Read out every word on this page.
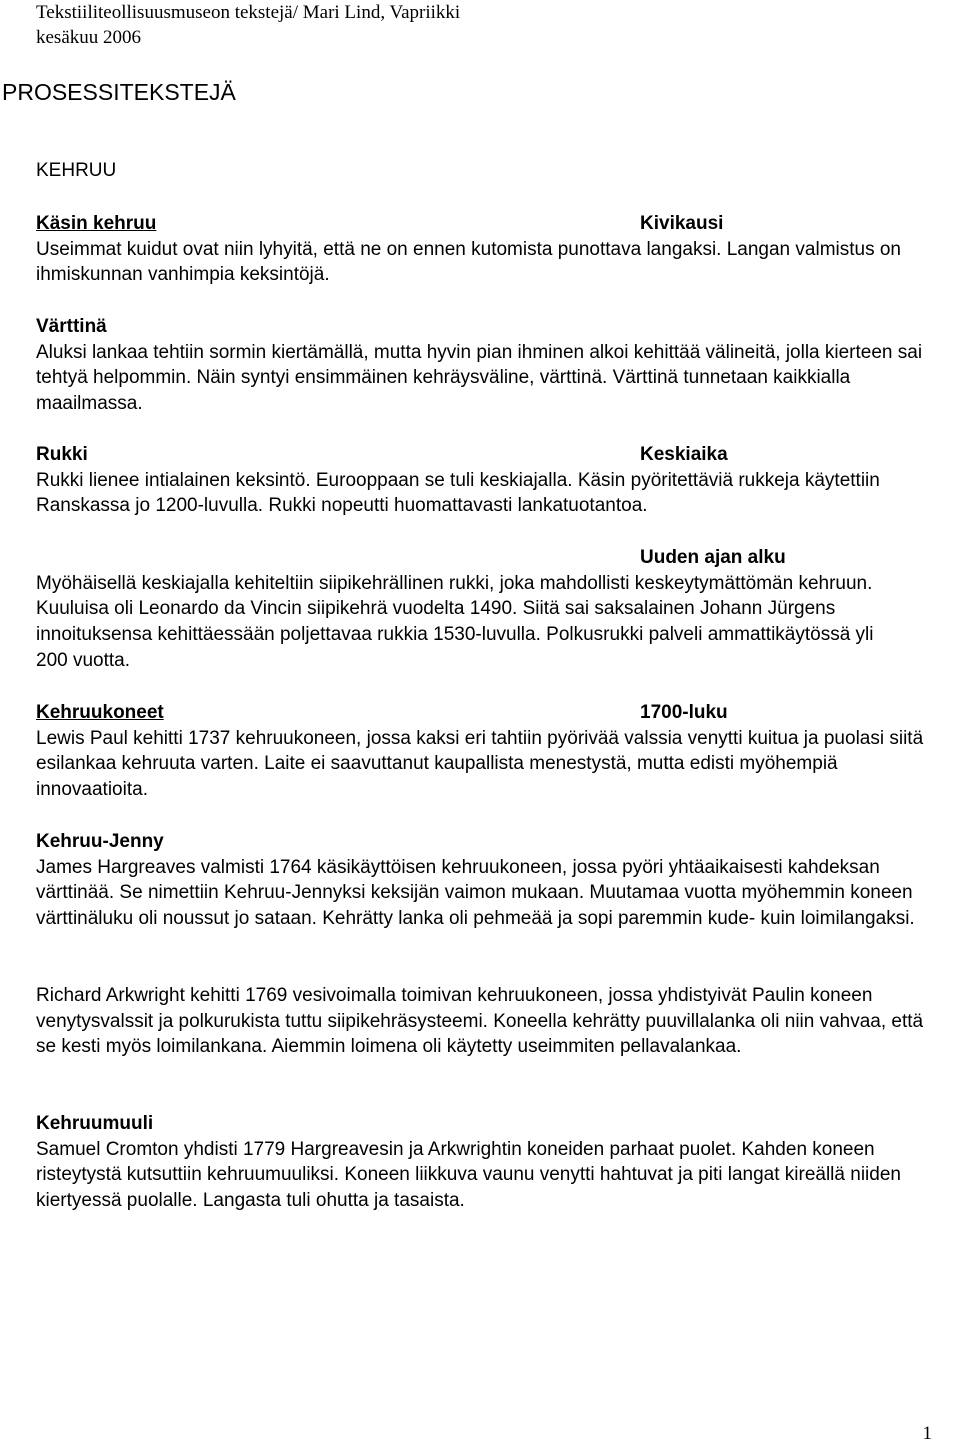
Tekstiiliteollisuusmuseon tekstejä/ Mari Lind, Vapriikki
kesäkuu 2006
PROSESSITEKSTEJÄ
KEHRUU
Käsin kehruu	Kivikausi

Useimmat kuidut ovat niin lyhyitä, että ne on ennen kutomista punottava langaksi. Langan valmistus on ihmiskunnan vanhimpia keksintöjä.

Värttinä

Aluksi lankaa tehtiin sormin kiertämällä, mutta hyvin pian ihminen alkoi kehittää välineitä, jolla kierteen sai tehtyä helpommin. Näin syntyi ensimmäinen kehräysväline, värttinä. Värttinä tunnetaan kaikkialla maailmassa.

Rukki	Keskiaika

Rukki lienee intialainen keksintö. Eurooppaan se tuli keskiajalla. Käsin pyöritettäviä rukkeja käytettiin Ranskassa jo 1200-luvulla. Rukki nopeutti huomattavasti lankatuotantoa.

Uuden ajan alku

Myöhäisellä keskiajalla kehiteltiin siipikehrällinen rukki, joka mahdollisti keskeytymättömän kehruun. Kuuluisa oli Leonardo da Vincin siipikehrä vuodelta 1490. Siitä sai saksalainen Johann Jürgens innoituksensa kehittäessään poljettavaa rukkia 1530-luvulla. Polkusrukki palveli ammattikäytössä yli 200 vuotta.

Kehruukoneet	1700-luku

Lewis Paul kehitti 1737 kehruukoneen, jossa kaksi eri tahtiin pyörivää valssia venytti kuitua ja puolasi siitä esilankaa kehruuta varten. Laite ei saavuttanut kaupallista menestystä, mutta edisti myöhempiä innovaatioita.

Kehruu-Jenny

James Hargreaves valmisti 1764 käsikäyttöisen kehruukoneen, jossa pyöri yhtäaikaisesti kahdeksan värttinää. Se nimettiin Kehruu-Jennyksi keksijän vaimon mukaan. Muutamaa vuotta myöhemmin koneen värttinäluku oli noussut jo sataan. Kehrätty lanka oli pehmeää ja sopi paremmin kude- kuin loimilangaksi.

Richard Arkwright kehitti 1769 vesivoimalla toimivan kehruukoneen, jossa yhdistyivät Paulin koneen venytysvalssit ja polkurukista tuttu siipikehräsysteemi. Koneella kehrätty puuvillalanka oli niin vahvaa, että se kesti myös loimilankana. Aiemmin loimena oli käytetty useimmiten pellavalankaa.

Kehruumuuli

Samuel Cromton yhdisti 1779 Hargreavesin ja Arkwrightin koneiden parhaat puolet. Kahden koneen risteytystä kutsuttiin kehruumuuliksi. Koneen liikkuva vaunu venytti hahtuvat ja piti langat kireällä niiden kiertyessä puolalle. Langasta tuli ohutta ja tasaista.

1
